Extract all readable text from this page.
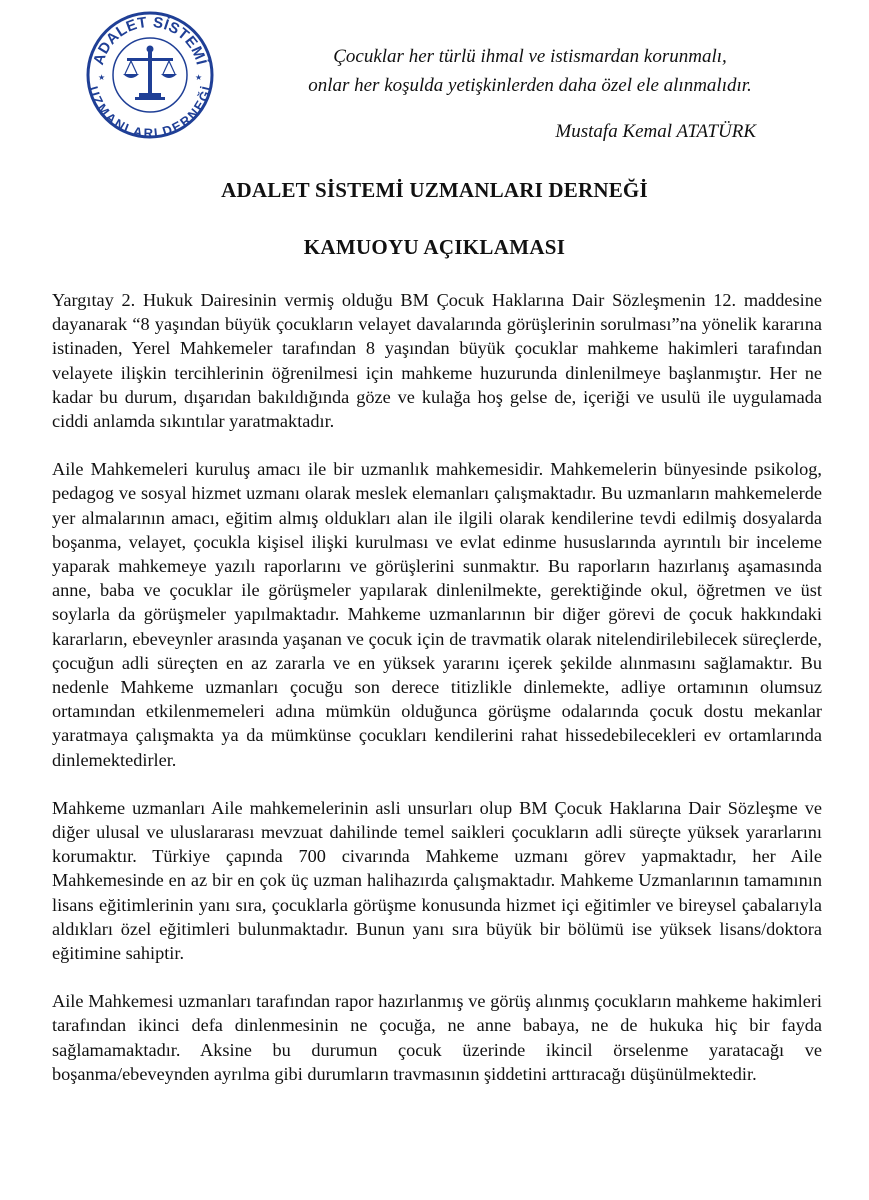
ADALET SİSTEMİ
UZMANLARI DERNEĞİ
★	★
Çocuklar her türlü ihmal ve istismardan korunmalı,
onlar her koşulda yetişkinlerden daha özel ele alınmalıdır.
Mustafa Kemal ATATÜRK
ADALET SİSTEMİ UZMANLARI DERNEĞİ
KAMUOYU AÇIKLAMASI

Yargıtay 2. Hukuk Dairesinin vermiş olduğu BM Çocuk Haklarına Dair Sözleşmenin 12. maddesine dayanarak “8 yaşından büyük çocukların velayet davalarında görüşlerinin sorulması”na yönelik kararına istinaden, Yerel Mahkemeler tarafından 8 yaşından büyük çocuklar mahkeme hakimleri tarafından velayete ilişkin tercihlerinin öğrenilmesi için mahkeme huzurunda dinlenilmeye başlanmıştır. Her ne kadar bu durum, dışarıdan bakıldığında göze ve kulağa hoş gelse de, içeriği ve usulü ile uygulamada ciddi anlamda sıkıntılar yaratmaktadır.

Aile Mahkemeleri kuruluş amacı ile bir uzmanlık mahkemesidir. Mahkemelerin bünyesinde psikolog, pedagog ve sosyal hizmet uzmanı olarak meslek elemanları çalışmaktadır. Bu uzmanların mahkemelerde yer almalarının amacı, eğitim almış oldukları alan ile ilgili olarak kendilerine tevdi edilmiş dosyalarda boşanma, velayet, çocukla kişisel ilişki kurulması ve evlat edinme hususlarında ayrıntılı bir inceleme yaparak mahkemeye yazılı raporlarını ve görüşlerini sunmaktır. Bu raporların hazırlanış aşamasında anne, baba ve çocuklar ile görüşmeler yapılarak dinlenilmekte, gerektiğinde okul, öğretmen ve üst soylarla da görüşmeler yapılmaktadır. Mahkeme uzmanlarının bir diğer görevi de çocuk hakkındaki kararların, ebeveynler arasında yaşanan ve çocuk için de travmatik olarak nitelendirilebilecek süreçlerde, çocuğun adli süreçten en az zararla ve en yüksek yararını içerek şekilde alınmasını sağlamaktır. Bu nedenle Mahkeme uzmanları çocuğu son derece titizlikle dinlemekte, adliye ortamının olumsuz ortamından etkilenmemeleri adına mümkün olduğunca görüşme odalarında çocuk dostu mekanlar yaratmaya çalışmakta ya da mümkünse çocukları kendilerini rahat hissedebilecekleri ev ortamlarında dinlemektedirler.

Mahkeme uzmanları Aile mahkemelerinin asli unsurları olup BM Çocuk Haklarına Dair Sözleşme ve diğer ulusal ve uluslararası mevzuat dahilinde temel saikleri çocukların adli süreçte yüksek yararlarını korumaktır. Türkiye çapında 700 civarında Mahkeme uzmanı görev yapmaktadır, her Aile Mahkemesinde en az bir en çok üç uzman halihazırda çalışmaktadır. Mahkeme Uzmanlarının tamamının lisans eğitimlerinin yanı sıra, çocuklarla görüşme konusunda hizmet içi eğitimler ve bireysel çabalarıyla aldıkları özel eğitimleri bulunmaktadır. Bunun yanı sıra büyük bir bölümü ise yüksek lisans/doktora eğitimine sahiptir.

Aile Mahkemesi uzmanları tarafından rapor hazırlanmış ve görüş alınmış çocukların mahkeme hakimleri tarafından ikinci defa dinlenmesinin ne çocuğa, ne anne babaya, ne de hukuka hiç bir fayda sağlamamaktadır. Aksine bu durumun çocuk üzerinde ikincil örselenme yaratacağı ve boşanma/ebeveynden ayrılma gibi durumların travmasının şiddetini arttıracağı düşünülmektedir.
